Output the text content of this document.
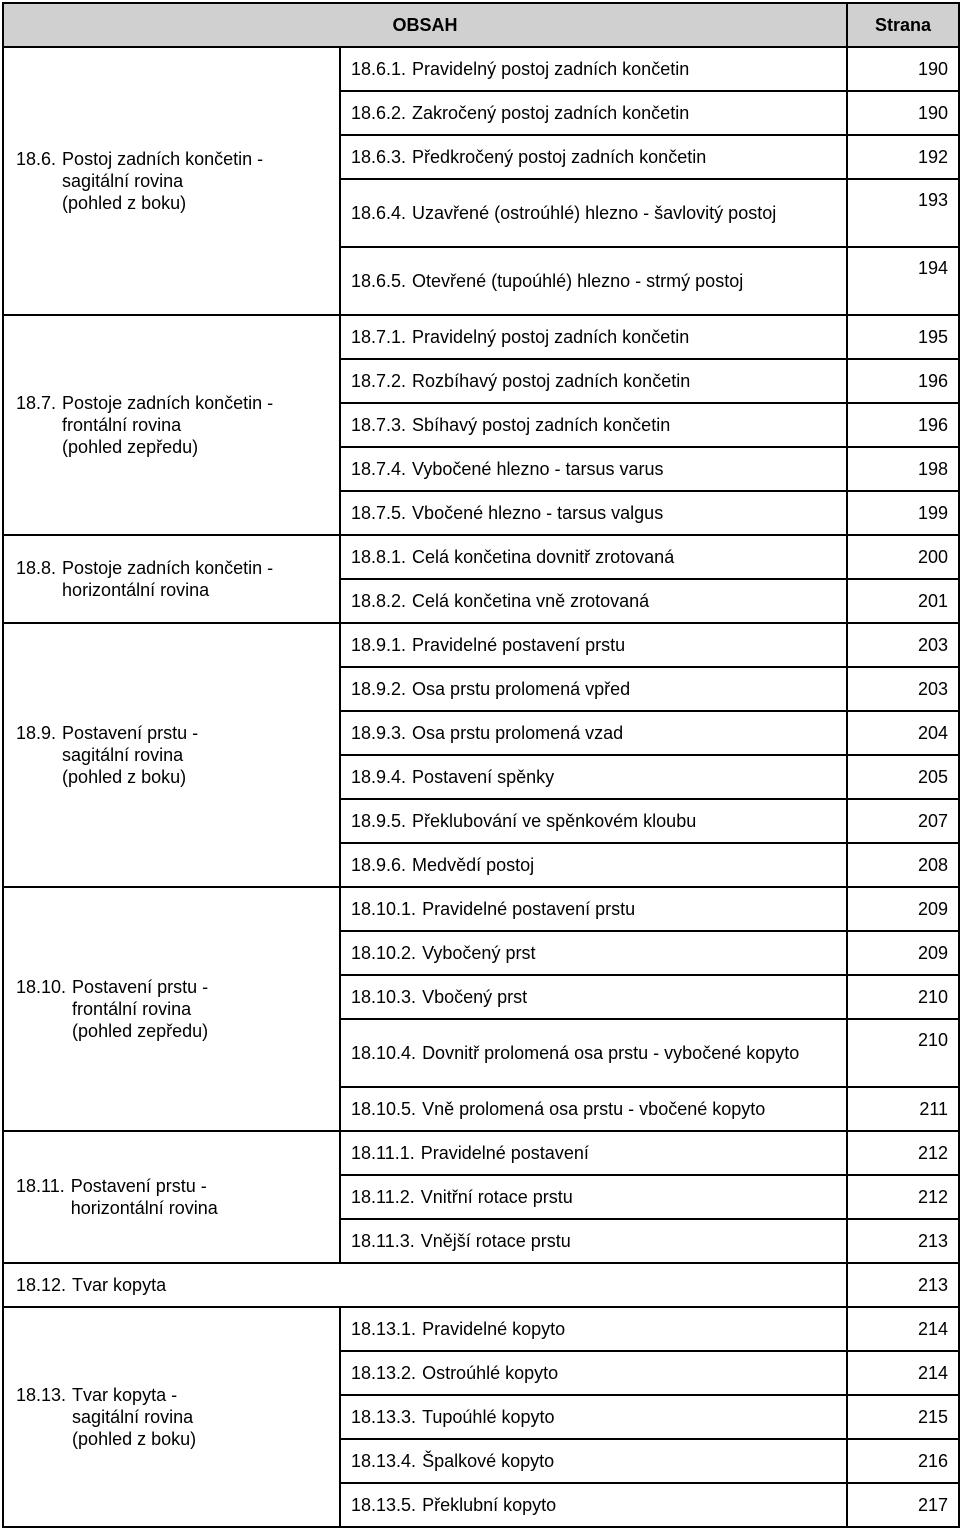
OBSAH		Strana

18.6. Postoj zadních končetin -
sagitální rovina
(pohled z boku)	18.6.1. Pravidelný postoj zadních končetin	190

	18.6.2. Zakročený postoj zadních končetin	190

	18.6.3. Předkročený postoj zadních končetin	192

	18.6.4. Uzavřené (ostroúhlé) hlezno - šavlovitý postoj	193

	18.6.5. Otevřené (tupoúhlé) hlezno - strmý postoj	194

18.7. Postoje zadních končetin -
frontální rovina
(pohled zepředu)	18.7.1. Pravidelný postoj zadních končetin	195

	18.7.2. Rozbíhavý postoj zadních končetin	196

	18.7.3. Sbíhavý postoj zadních končetin	196

	18.7.4. Vybočené hlezno - tarsus varus	198

	18.7.5. Vbočené hlezno - tarsus valgus	199

18.8. Postoje zadních končetin -
horizontální rovina	18.8.1. Celá končetina dovnitř zrotovaná	200

	18.8.2. Celá končetina vně zrotovaná	201

18.9. Postavení prstu -
sagitální rovina
(pohled z boku)	18.9.1. Pravidelné postavení prstu	203

	18.9.2. Osa prstu prolomená vpřed	203

	18.9.3. Osa prstu prolomená vzad	204

	18.9.4. Postavení spěnky	205

	18.9.5. Překlubování ve spěnkovém kloubu	207

	18.9.6. Medvědí postoj	208

18.10. Postavení prstu -
frontální rovina
(pohled zepředu)	18.10.1. Pravidelné postavení prstu	209

	18.10.2. Vybočený prst	209

	18.10.3. Vbočený prst	210

	18.10.4. Dovnitř prolomená osa prstu - vybočené kopyto	210

	18.10.5. Vně prolomená osa prstu - vbočené kopyto	211

18.11. Postavení prstu -
horizontální rovina	18.11.1. Pravidelné postavení	212

	18.11.2. Vnitřní rotace prstu	212

	18.11.3. Vnější rotace prstu	213

18.12. Tvar kopyta		213

18.13. Tvar kopyta -
sagitální rovina
(pohled z boku)	18.13.1. Pravidelné kopyto	214

	18.13.2. Ostroúhlé kopyto	214

	18.13.3. Tupoúhlé kopyto	215

	18.13.4. Špalkové kopyto	216

	18.13.5. Překlubní kopyto	217
